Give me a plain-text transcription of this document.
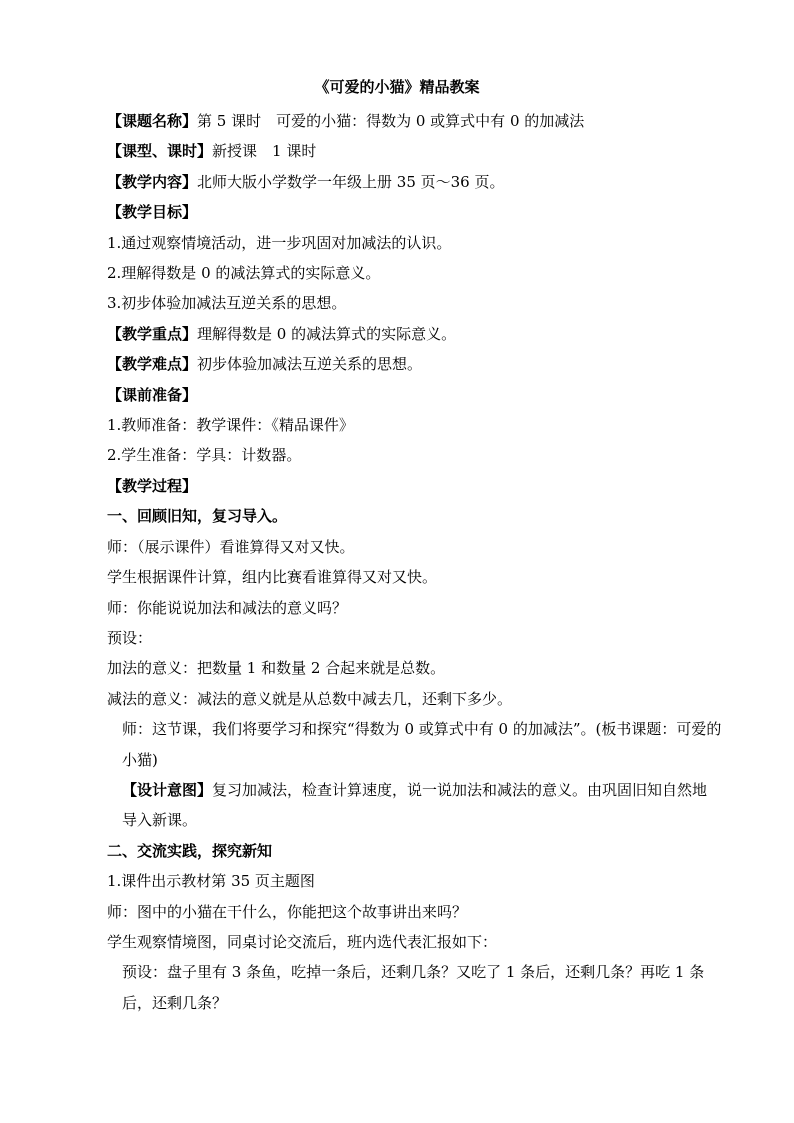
《可爱的小猫》精品教案

【课题名称】第 5 课时　可爱的小猫：得数为 0 或算式中有 0 的加减法

【课型、课时】新授课　1 课时

【教学内容】北师大版小学数学一年级上册 35 页～36 页。

【教学目标】

1.通过观察情境活动，进一步巩固对加减法的认识。

2.理解得数是 0 的减法算式的实际意义。

3.初步体验加减法互逆关系的思想。

【教学重点】理解得数是 0 的减法算式的实际意义。

【教学难点】初步体验加减法互逆关系的思想。

【课前准备】

1.教师准备：教学课件：《精品课件》

2.学生准备：学具：计数器。

【教学过程】

一、回顾旧知，复习导入。

师：（展示课件）看谁算得又对又快。

学生根据课件计算，组内比赛看谁算得又对又快。

师：你能说说加法和减法的意义吗？

预设：

加法的意义：把数量 1 和数量 2 合起来就是总数。

减法的意义：减法的意义就是从总数中减去几，还剩下多少。

师：这节课，我们将要学习和探究“得数为 0 或算式中有 0 的加减法”。(板书课题：可爱的小猫)

【设计意图】复习加减法，检查计算速度，说一说加法和减法的意义。由巩固旧知自然地导入新课。

二、交流实践，探究新知

1.课件出示教材第 35 页主题图

师：图中的小猫在干什么，你能把这个故事讲出来吗？

学生观察情境图，同桌讨论交流后，班内选代表汇报如下：

预设：盘子里有 3 条鱼，吃掉一条后，还剩几条？又吃了 1 条后，还剩几条？再吃 1 条后，还剩几条？
